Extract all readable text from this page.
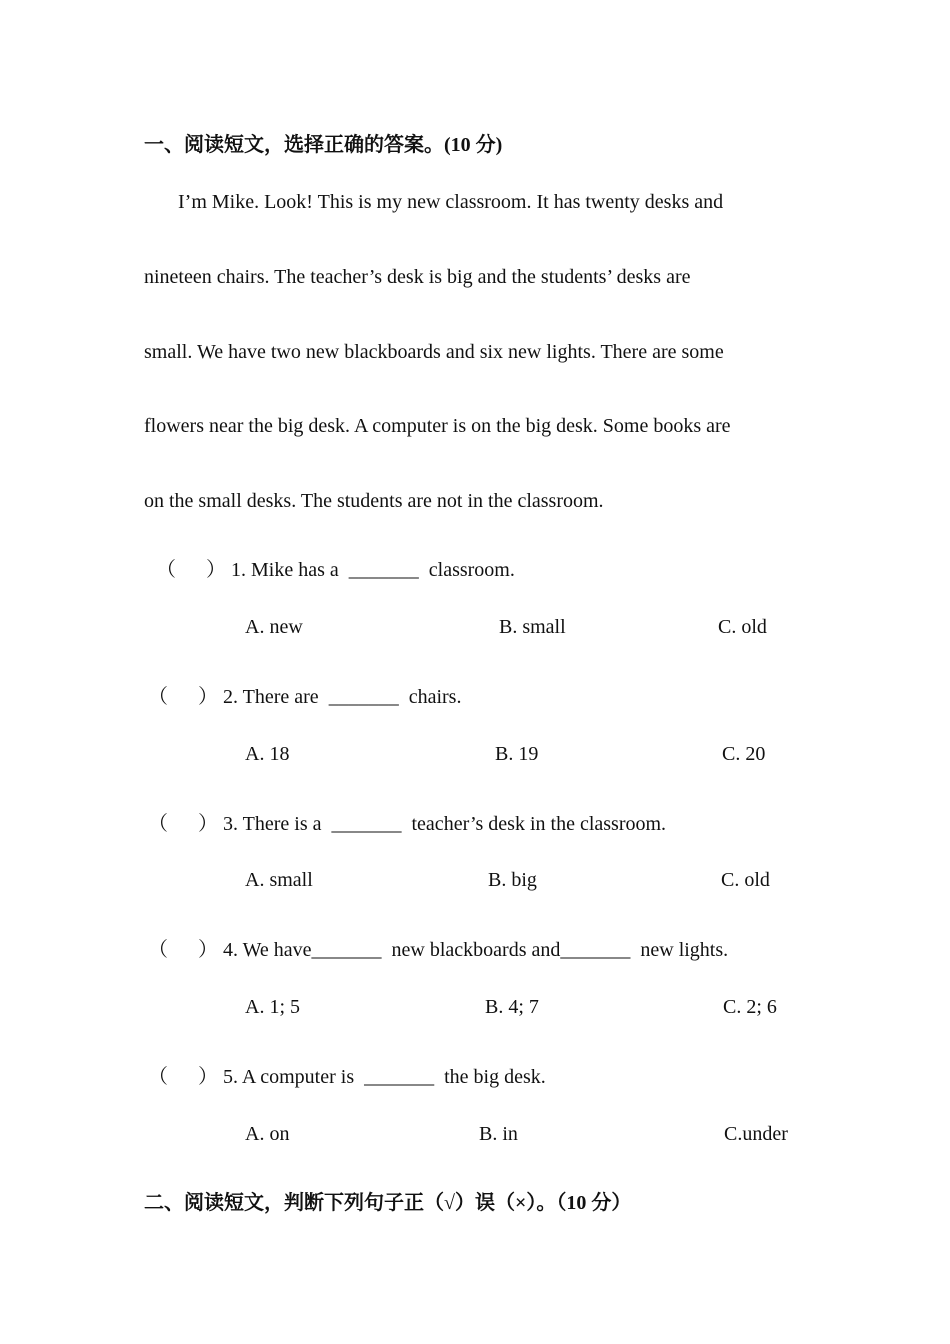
一、阅读短文，选择正确的答案。(10 分)
I’m Mike. Look! This is my new classroom. It has twenty desks and
nineteen chairs. The teacher’s desk is big and the students’ desks are
small. We have two new blackboards and six new lights. There are some
flowers near the big desk. A computer is on the big desk. Some books are
on the small desks. The students are not in the classroom.
（ ） 1. Mike has a _______ classroom.
A. new	B. small	C. old
（ ） 2. There are _______ chairs.
A. 18	B. 19	C. 20
（ ） 3. There is a _______ teacher’s desk in the classroom.
A. small	B. big	C. old
（ ） 4. We have_______ new blackboards and_______ new lights.
A. 1; 5	B. 4; 7	C. 2; 6
（ ） 5. A computer is _______ the big desk.
A. on	B. in	C.under
二、阅读短文，判断下列句子正（√）误（×）。（10 分）
